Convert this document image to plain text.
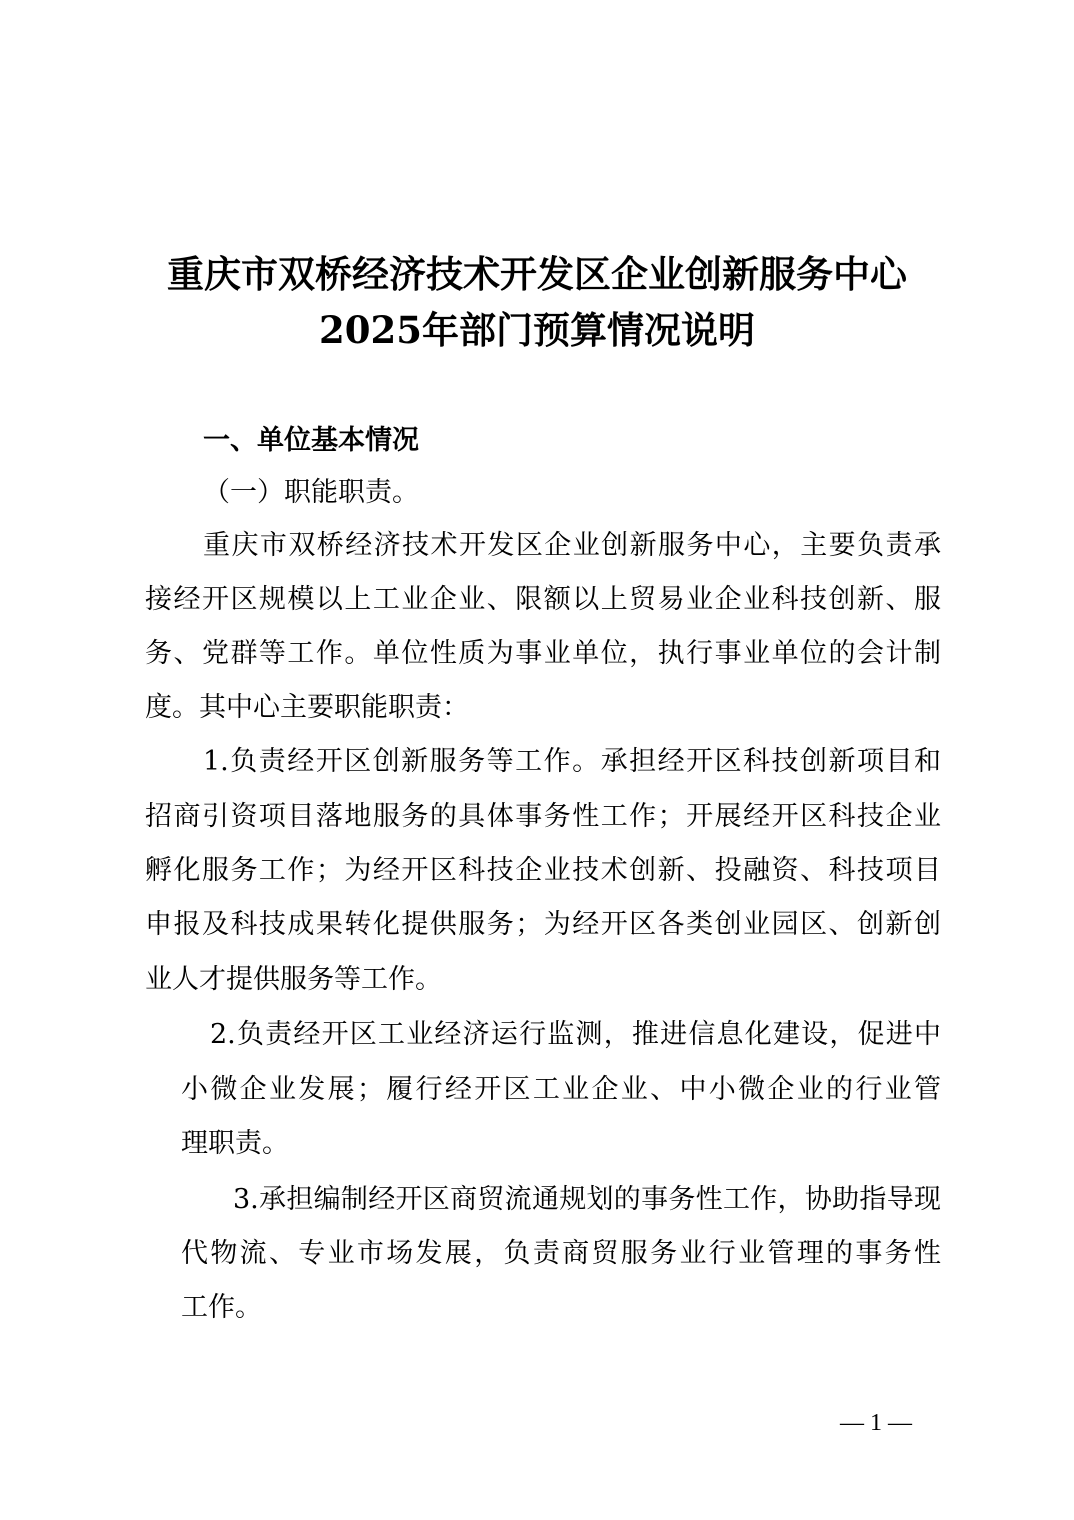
重庆市双桥经济技术开发区企业创新服务中心
2025年部门预算情况说明
一、单位基本情况
（一）职能职责。
重庆市双桥经济技术开发区企业创新服务中心，主要负责承
接经开区规模以上工业企业、限额以上贸易业企业科技创新、服
务、党群等工作。单位性质为事业单位，执行事业单位的会计制
度。其中心主要职能职责：
1.负责经开区创新服务等工作。承担经开区科技创新项目和
招商引资项目落地服务的具体事务性工作；开展经开区科技企业
孵化服务工作；为经开区科技企业技术创新、投融资、科技项目
申报及科技成果转化提供服务；为经开区各类创业园区、创新创
业人才提供服务等工作。
2.负责经开区工业经济运行监测，推进信息化建设，促进中
小微企业发展；履行经开区工业企业、中小微企业的行业管
理职责。
3.承担编制经开区商贸流通规划的事务性工作，协助指导现
代物流、专业市场发展，负责商贸服务业行业管理的事务性
工作。
— 1 —
